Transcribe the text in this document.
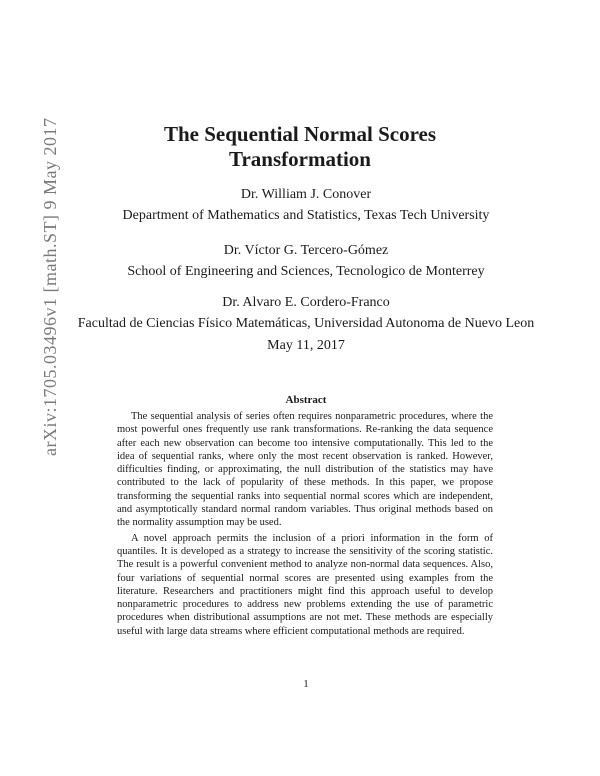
arXiv:1705.03496v1 [math.ST] 9 May 2017	The Sequential Normal Scores
Transformation
Dr. William J. Conover
Department of Mathematics and Statistics, Texas Tech University
Dr. Víctor G. Tercero-Gómez
School of Engineering and Sciences, Tecnologico de Monterrey
Dr. Alvaro E. Cordero-Franco
Facultad de Ciencias Físico Matemáticas, Universidad Autonoma de Nuevo Leon
May 11, 2017
Abstract

The sequential analysis of series often requires nonparametric procedures, where the most powerful ones frequently use rank transformations. Re-ranking the data sequence after each new observation can become too intensive computationally. This led to the idea of sequential ranks, where only the most recent observation is ranked. However, difficulties finding, or approximating, the null distribution of the statistics may have contributed to the lack of popularity of these methods. In this paper, we propose transforming the sequential ranks into sequential normal scores which are independent, and asymptotically standard normal random variables. Thus original methods based on the normality assumption may be used.

A novel approach permits the inclusion of a priori information in the form of quantiles. It is developed as a strategy to increase the sensitivity of the scoring statistic. The result is a powerful convenient method to analyze non-normal data sequences. Also, four variations of sequential normal scores are presented using examples from the literature. Researchers and practitioners might find this approach useful to develop nonparametric procedures to address new problems extending the use of parametric procedures when distributional assumptions are not met. These methods are especially useful with large data streams where efficient computational methods are required.

1
